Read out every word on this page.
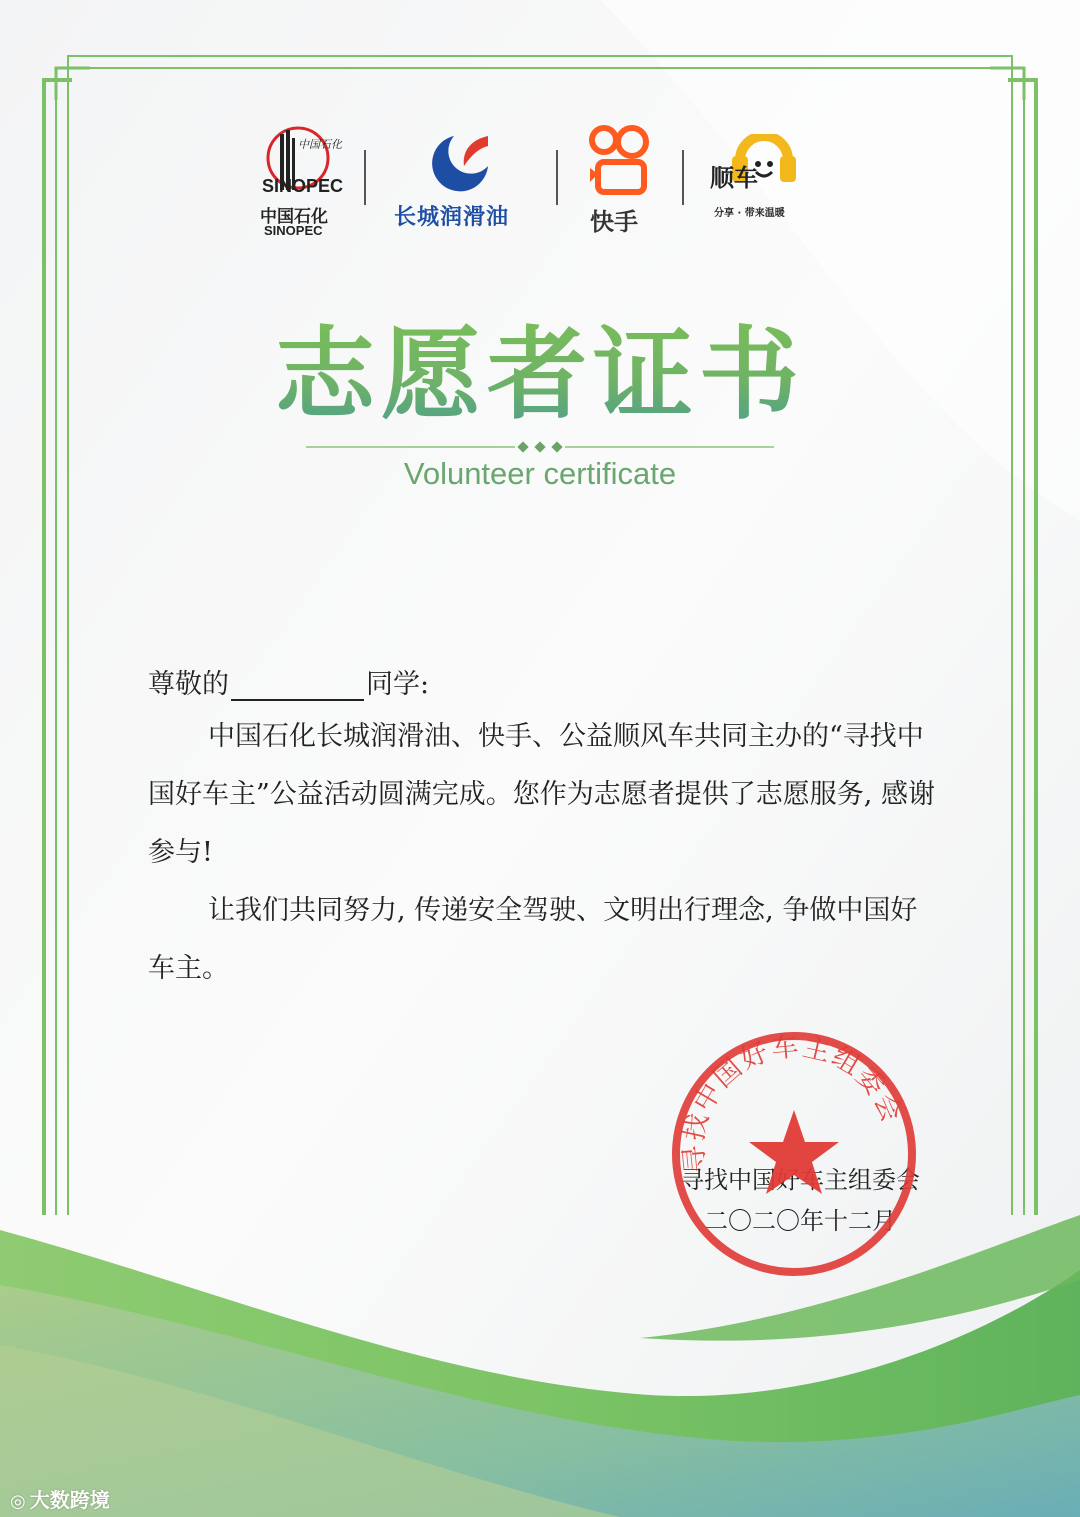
中国石化
SINOPEC
中国石化
SINOPEC
长城润滑油	快手
顺车
分享 · 带来温暖
志愿者证书
Volunteer certificate
尊敬的	同学:

中国石化长城润滑油、快手、公益顺风车共同主办的“寻找中国好车主”公益活动圆满完成。您作为志愿者提供了志愿服务, 感谢参与!

让我们共同努力, 传递安全驾驶、文明出行理念, 争做中国好车主。

寻找中国好车主组委会
二〇二〇年十二月
寻找中国好车主组委会
◎ 大数跨境
